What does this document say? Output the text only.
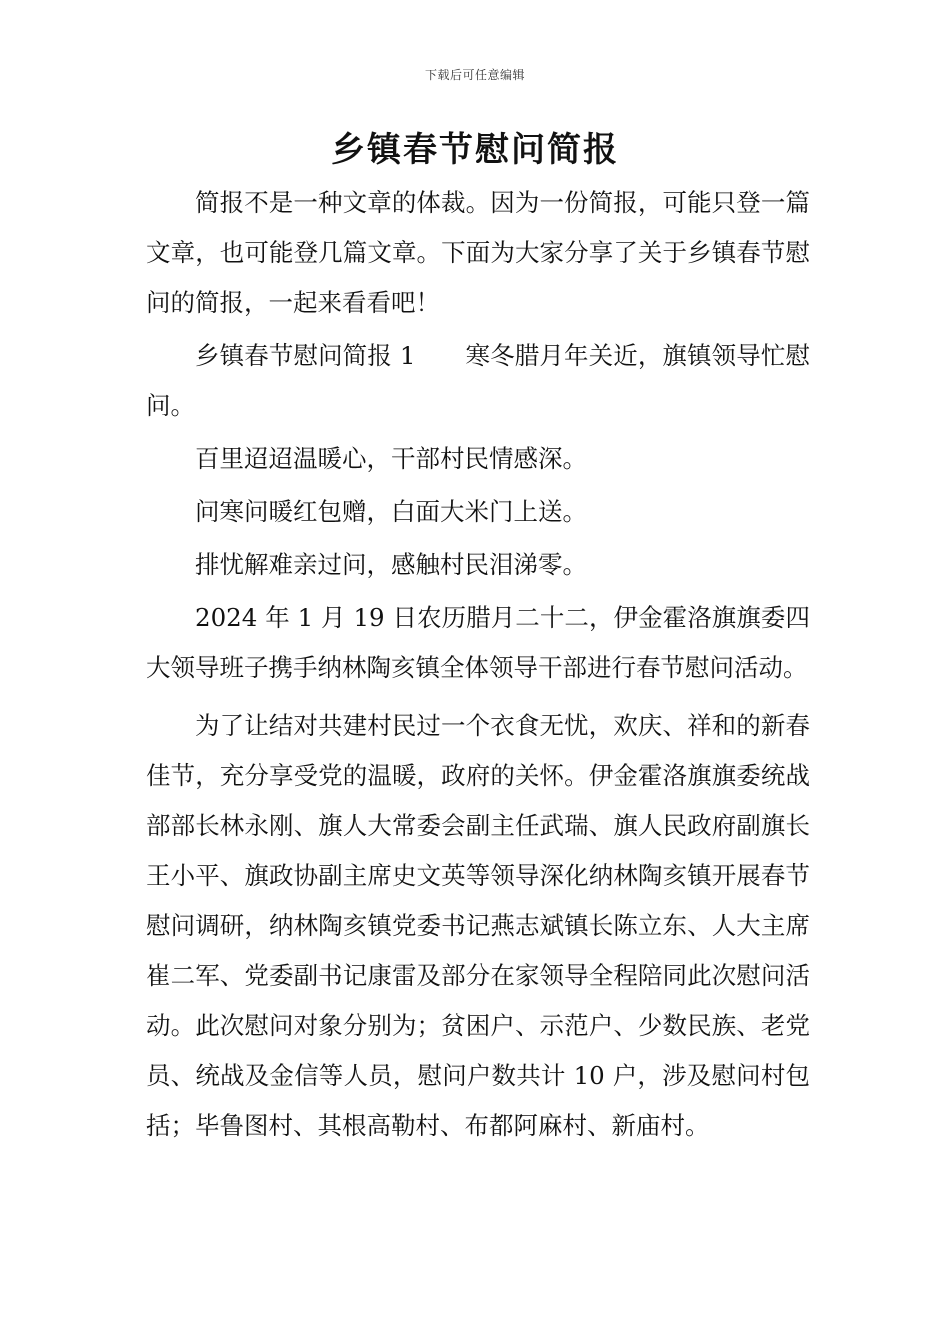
下载后可任意编辑
乡镇春节慰问简报

简报不是一种文章的体裁。因为一份简报，可能只登一篇文章，也可能登几篇文章。下面为大家分享了关于乡镇春节慰问的简报，一起来看看吧！

乡镇春节慰问简报 1 寒冬腊月年关近，旗镇领导忙慰问。

百里迢迢温暖心，干部村民情感深。

问寒问暖红包赠，白面大米门上送。

排忧解难亲过问，感触村民泪涕零。

2024 年 1 月 19 日农历腊月二十二，伊金霍洛旗旗委四大领导班子携手纳林陶亥镇全体领导干部进行春节慰问活动。

为了让结对共建村民过一个衣食无忧，欢庆、祥和的新春佳节，充分享受党的温暖，政府的关怀。伊金霍洛旗旗委统战部部长林永刚、旗人大常委会副主任武瑞、旗人民政府副旗长王小平、旗政协副主席史文英等领导深化纳林陶亥镇开展春节慰问调研，纳林陶亥镇党委书记燕志斌镇长陈立东、人大主席崔二军、党委副书记康雷及部分在家领导全程陪同此次慰问活动。此次慰问对象分别为；贫困户、示范户、少数民族、老党员、统战及金信等人员，慰问户数共计 10 户，涉及慰问村包括；毕鲁图村、其根高勒村、布都阿麻村、新庙村。
